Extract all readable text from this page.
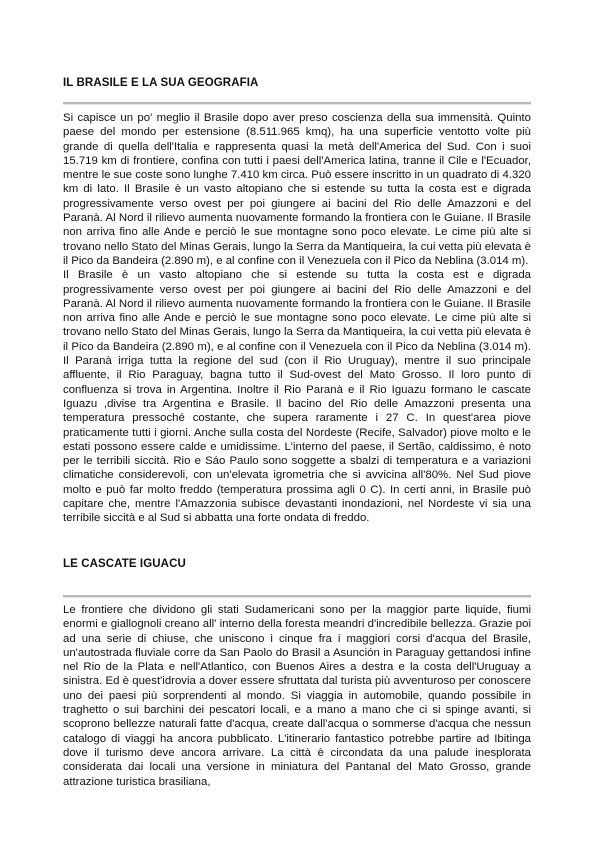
IL BRASILE E LA SUA GEOGRAFIA

Si capisce un po' meglio il Brasile dopo aver preso coscienza della sua immensità. Quinto paese del mondo per estensione (8.511.965 kmq), ha una superficie ventotto volte più grande di quella dell'Italia e rappresenta quasi la metà dell'America del Sud. Con i suoi 15.719 km di frontiere, confina con tutti i paesi dell'America latina, tranne il Cile e l'Ecuador, mentre le sue coste sono lunghe 7.410 km circa. Può essere inscritto in un quadrato di 4.320 km di lato. Il Brasile è un vasto altopiano che si estende su tutta la costa est e digrada progressivamente verso ovest per poi giungere ai bacini del Rio delle Amazzoni e del Paranà. Al Nord il rilievo aumenta nuovamente formando la frontiera con le Guiane. Il Brasile non arriva fino alle Ande e perciò le sue montagne sono poco elevate. Le cime più alte si trovano nello Stato del Minas Gerais, lungo la Serra da Mantiqueira, la cui vetta più elevata è il Pico da Bandeira (2.890 m), e al confine con il Venezuela con il Pico da Neblina (3.014 m).

Il Brasile è un vasto altopiano che si estende su tutta la costa est e digrada progressivamente verso ovest per poi giungere ai bacini del Rio delle Amazzoni e del Paranà. Al Nord il rilievo aumenta nuovamente formando la frontiera con le Guiane. Il Brasile non arriva fino alle Ande e perciò le sue montagne sono poco elevate. Le cime più alte si trovano nello Stato del Minas Gerais, lungo la Serra da Mantiqueira, la cui vetta più elevata è il Pico da Bandeira (2.890 m), e al confine con il Venezuela con il Pico da Neblina (3.014 m). Il Paranà irriga tutta la regione del sud (con il Rio Uruguay), mentre il suo principale affluente, il Rio Paraguay, bagna tutto il Sud-ovest del Mato Grosso. Il loro punto di confluenza si trova in Argentina. Inoltre il Rio Paranà e il Rio Iguazu formano le cascate Iguazu ,divise tra Argentina e Brasile. Il bacino del Rio delle Amazzoni presenta una temperatura pressoché costante, che supera raramente i 27 C. In quest'area piove praticamente tutti i giorni. Anche sulla costa del Nordeste (Recife, Salvador) piove molto e le estati possono essere calde e umidissime. L'interno del paese, il Sertão, caldissimo, è noto per le terribili siccità. Rio e Sáo Paulo sono soggette a sbalzi di temperatura e a variazioni climatiche considerevoli, con un'elevata igrometria che si avvicina all'80%. Nel Sud piove molto e può far molto freddo (temperatura prossima agli 0 C). In certi anni, in Brasile può capitare che, mentre l'Amazzonia subisce devastanti inondazioni, nel Nordeste vi sia una terribile siccità e al Sud si abbatta una forte ondata di freddo.

LE CASCATE IGUACU

Le frontiere che dividono gli stati Sudamericani sono per la maggior parte liquide, fiumi enormi e giallognoli creano all' interno della foresta meandri d'incredibile bellezza. Grazie poi ad una serie di chiuse, che uniscono i cinque fra i maggiori corsi d'acqua del Brasile, un'autostrada fluviale corre da San Paolo do Brasil a Asunción in Paraguay gettandosi infine nel Rio de la Plata e nell'Atlantico, con Buenos Aires a destra e la costa dell'Uruguay a sinistra. Ed è quest'idrovia a dover essere sfruttata dal turista più avventuroso per conoscere uno dei paesi più sorprendenti al mondo. Si viaggia in automobile, quando possibile in traghetto o sui barchini dei pescatori locali, e a mano a mano che ci si spinge avanti, si scoprono bellezze naturali fatte d'acqua, create dall'acqua o sommerse d'acqua che nessun catalogo di viaggi ha ancora pubblicato. L'itinerario fantastico potrebbe partire ad Ibitinga dove il turismo deve ancora arrivare. La città è circondata da una palude inesplorata considerata dai locali una versione in miniatura del Pantanal del Mato Grosso, grande attrazione turistica brasiliana,
